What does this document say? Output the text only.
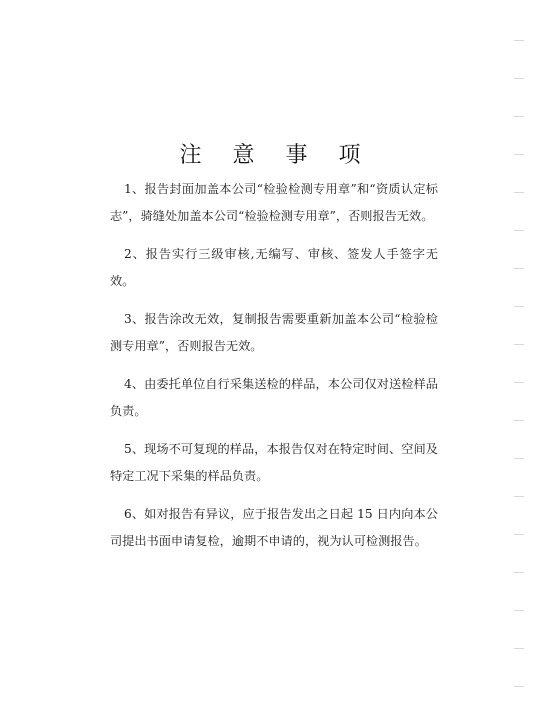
注 意 事 项

1、报告封面加盖本公司“检验检测专用章”和“资质认定标志”，骑缝处加盖本公司“检验检测专用章”，否则报告无效。

2、报告实行三级审核,无编写、审核、签发人手签字无效。

3、报告涂改无效，复制报告需要重新加盖本公司“检验检测专用章”，否则报告无效。

4、由委托单位自行采集送检的样品，本公司仅对送检样品负责。

5、现场不可复现的样品，本报告仅对在特定时间、空间及特定工况下采集的样品负责。

6、如对报告有异议，应于报告发出之日起 15 日内向本公司提出书面申请复检，逾期不申请的，视为认可检测报告。
